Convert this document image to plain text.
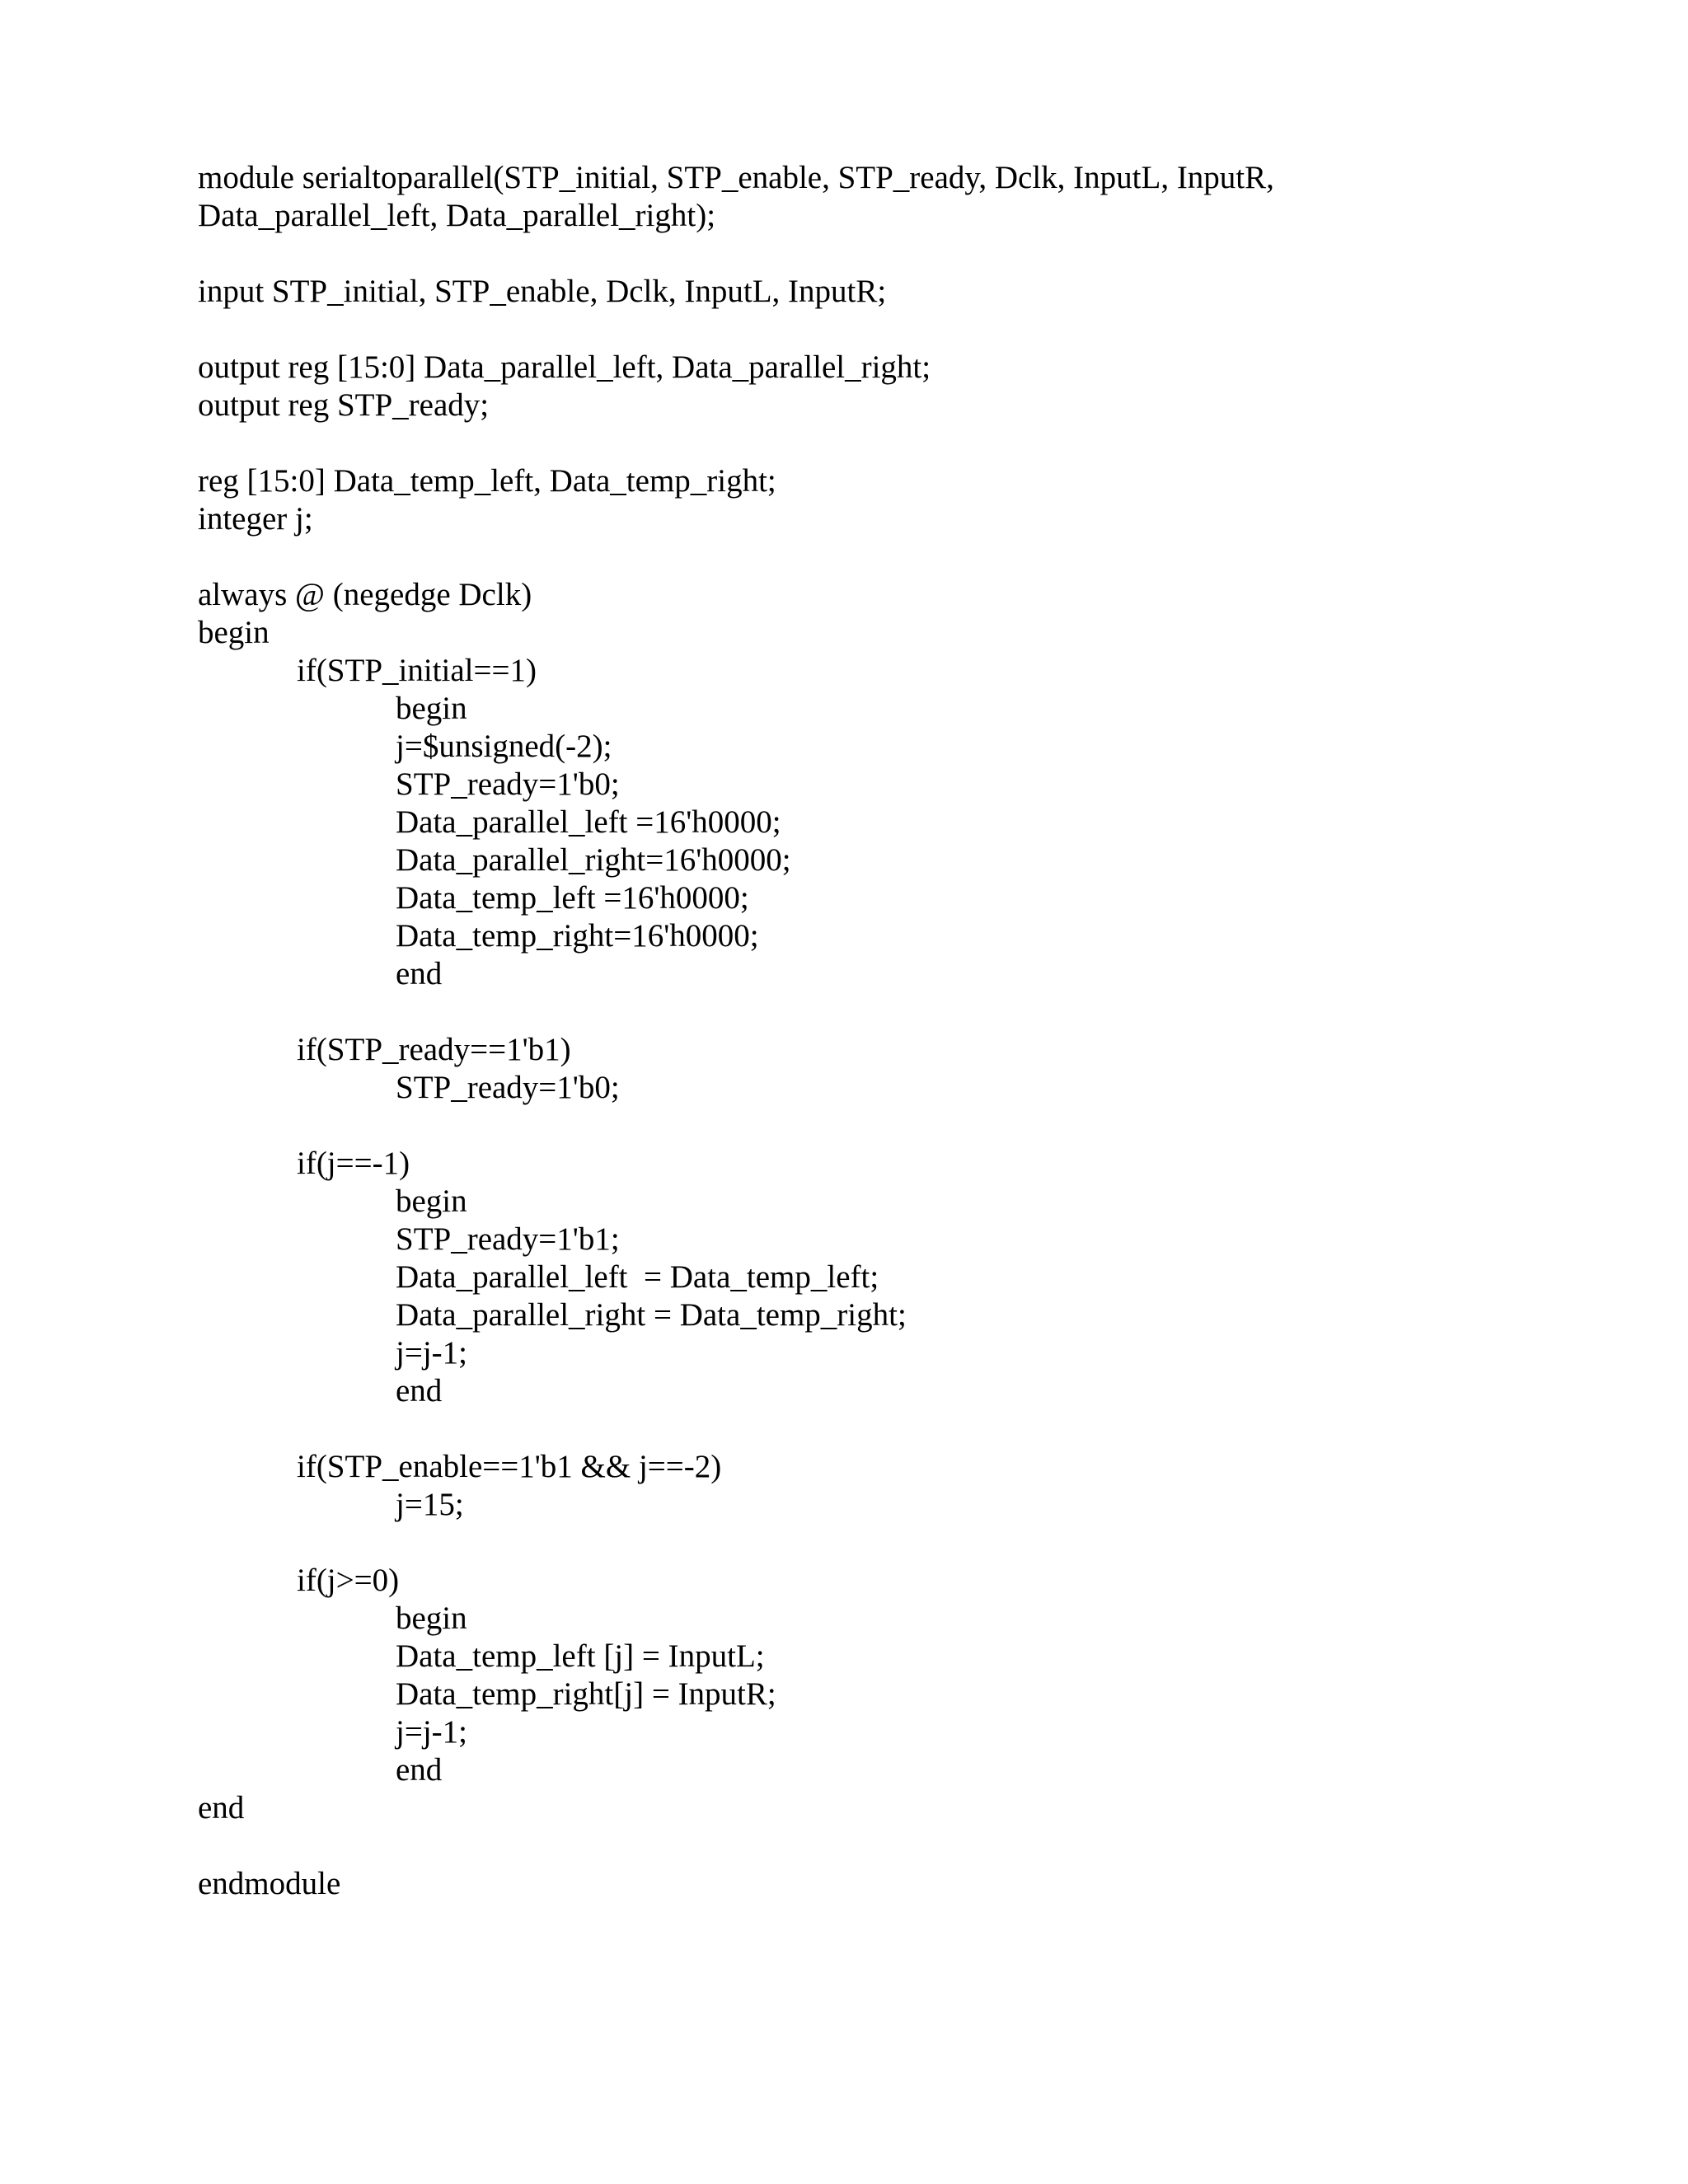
module serialtoparallel(STP_initial, STP_enable, STP_ready, Dclk, InputL, InputR,
Data_parallel_left, Data_parallel_right);
input STP_initial, STP_enable, Dclk, InputL, InputR;
output reg [15:0] Data_parallel_left, Data_parallel_right;
output reg STP_ready;
reg [15:0] Data_temp_left, Data_temp_right;
integer j;
always @ (negedge Dclk)
begin
if(STP_initial==1)
begin
j=$unsigned(-2);
STP_ready=1'b0;
Data_parallel_left =16'h0000;
Data_parallel_right=16'h0000;
Data_temp_left =16'h0000;
Data_temp_right=16'h0000;
end
if(STP_ready==1'b1)
STP_ready=1'b0;
if(j==-1)
begin
STP_ready=1'b1;
Data_parallel_left  = Data_temp_left;
Data_parallel_right = Data_temp_right;
j=j-1;
end
if(STP_enable==1'b1 && j==-2)
j=15;
if(j>=0)
begin
Data_temp_left [j] = InputL;
Data_temp_right[j] = InputR;
j=j-1;
end
end
endmodule
